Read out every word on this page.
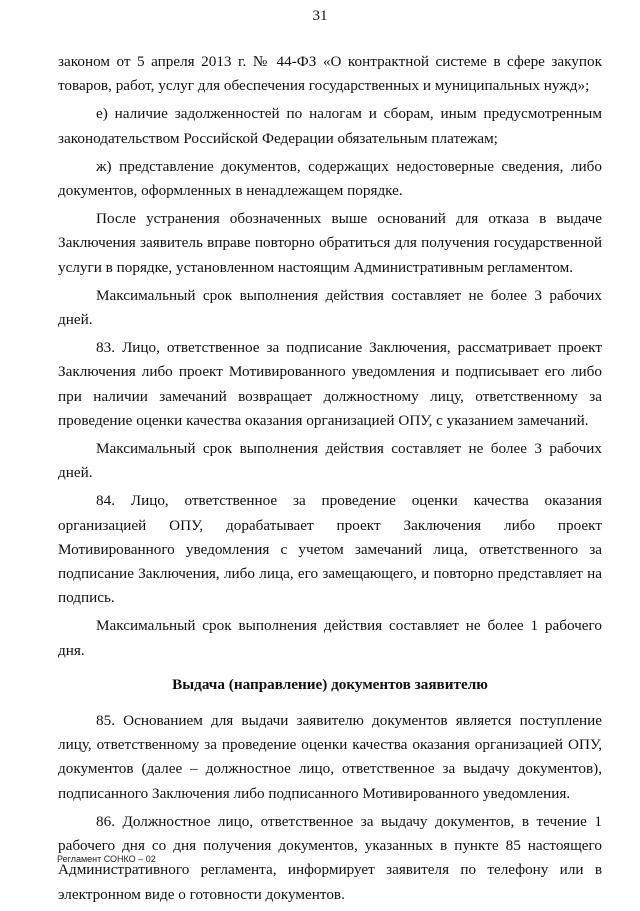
31

законом от 5 апреля 2013 г. № 44-ФЗ «О контрактной системе в сфере закупок товаров, работ, услуг для обеспечения государственных и муниципальных нужд»;

е) наличие задолженностей по налогам и сборам, иным предусмотренным законодательством Российской Федерации обязательным платежам;

ж) представление документов, содержащих недостоверные сведения, либо документов, оформленных в ненадлежащем порядке.

После устранения обозначенных выше оснований для отказа в выдаче Заключения заявитель вправе повторно обратиться для получения государственной услуги в порядке, установленном настоящим Административным регламентом.

Максимальный срок выполнения действия составляет не более 3 рабочих дней.

83. Лицо, ответственное за подписание Заключения, рассматривает проект Заключения либо проект Мотивированного уведомления и подписывает его либо при наличии замечаний возвращает должностному лицу, ответственному за проведение оценки качества оказания организацией ОПУ, с указанием замечаний.

Максимальный срок выполнения действия составляет не более 3 рабочих дней.

84. Лицо, ответственное за проведение оценки качества оказания организацией ОПУ, дорабатывает проект Заключения либо проект Мотивированного уведомления с учетом замечаний лица, ответственного за подписание Заключения, либо лица, его замещающего, и повторно представляет на подпись.

Максимальный срок выполнения действия составляет не более 1 рабочего дня.

Выдача (направление) документов заявителю

85. Основанием для выдачи заявителю документов является поступление лицу, ответственному за проведение оценки качества оказания организацией ОПУ, документов (далее – должностное лицо, ответственное за выдачу документов), подписанного Заключения либо подписанного Мотивированного уведомления.

86. Должностное лицо, ответственное за выдачу документов, в течение 1 рабочего дня со дня получения документов, указанных в пункте 85 настоящего Административного регламента, информирует заявителя по телефону или в электронном виде о готовности документов.

Регламент СОНКО – 02
